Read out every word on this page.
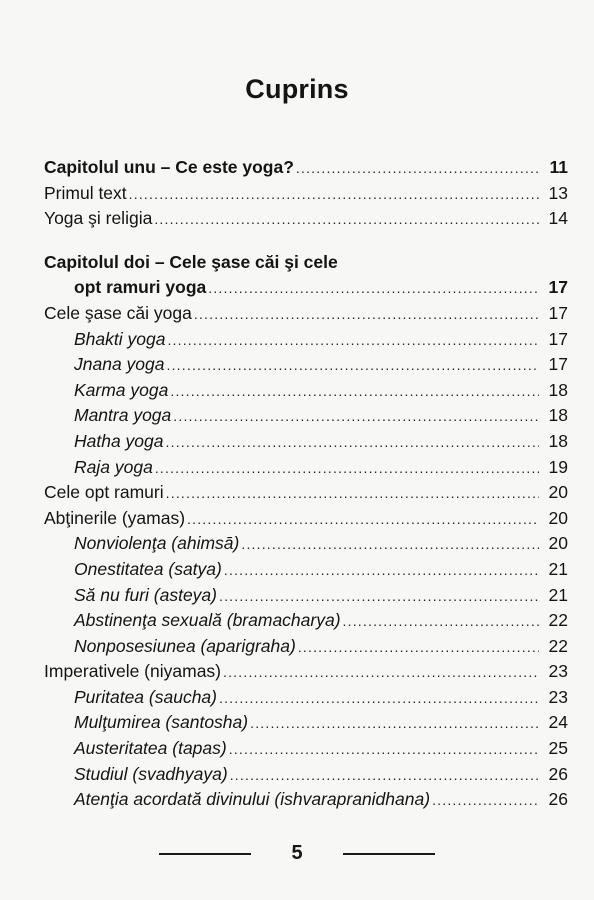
Cuprins
Capitolul unu – Ce este yoga? .....	11
Primul text .....	13
Yoga şi religia .....	14
Capitolul doi – Cele şase căi şi cele
opt ramuri yoga .....	17
Cele şase căi yoga .....	17
Bhakti yoga .....	17
Jnana yoga .....	17
Karma yoga .....	18
Mantra yoga .....	18
Hatha yoga .....	18
Raja yoga .....	19
Cele opt ramuri .....	20
Abţinerile (yamas) .....	20
Nonviolenţa (ahimsā) .....	20
Onestitatea (satya) .....	21
Să nu furi (asteya) .....	21
Abstinenţa sexuală (bramacharya) .....	22
Nonposesiunea (aparigraha) .....	22
Imperativele (niyamas) .....	23
Puritatea (saucha) .....	23
Mulţumirea (santosha) .....	24
Austeritatea (tapas) .....	25
Studiul (svadhyaya) .....	26
Atenţia acordată divinului (ishvarapranidhana) .....	26
5
